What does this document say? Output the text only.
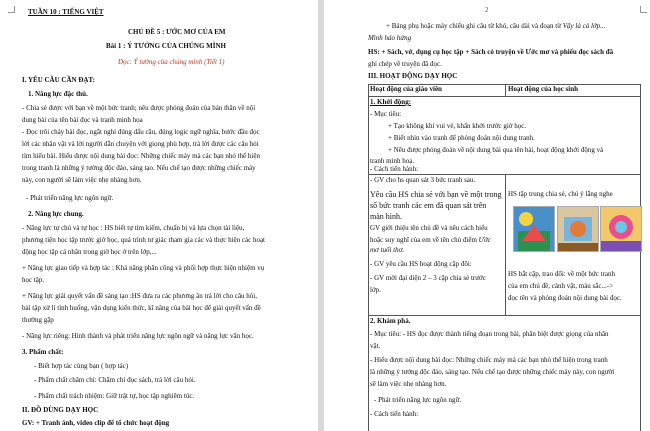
TUẦN 10 : TIẾNG VIỆT
CHỦ ĐỀ 5 : ƯỚC MƠ CỦA EM
Bài 1 : Ý TƯỞNG CỦA CHÚNG MÌNH
Đọc: Ý tưởng của chúng mình (Tiết 1)
I. YÊU CẦU CẦN ĐẠT:
1. Năng lực đặc thù.
- Chia sẻ được với bạn về một bức tranh; nêu được phỏng đoán của bản thân về nội
dung bài của tên bài đọc và tranh minh họa
- Đọc trôi chảy bài đọc, ngắt nghỉ đúng dấu câu, đúng logic ngữ nghĩa, bước đầu đọc
lời các nhân vật và lời người dẫn chuyện với giọng phù hợp, trả lời được các câu hỏi
tìm hiểu bài. Hiểu được nội dung bài đọc: Những chiếc máy mà các bạn nhỏ thể hiện
trong tranh là những ý tưởng độc đáo, sáng tạo. Nếu chế tạo được những chiếc máy
này, con người sẽ làm việc nhẹ nhàng hơn.
- Phát triển năng lực ngôn ngữ.
2. Năng lực chung.
- Năng lực tự chủ và tự học : HS biết tự tìm kiếm, chuẩn bị và lựa chọn tài liệu,
phương tiện học tập trước giờ học, quả trình tư giác tham gia các và thực hiện các hoạt
động học tập cá nhân trong giờ học ở trên lớp,...
+ Năng lực giao tiếp và hợp tác : Khả năng phân công và phối hợp thực hiện nhiệm vụ
học tập.
+ Năng lực giải quyết vấn đề sáng tạo :HS đưa ra các phương án trả lời cho câu hỏi,
bài tập xử lí tình huống, vận dụng kiến thức, kĩ năng của bài học để giải quyết vấn đề
thường gặp
- Năng lực riêng: Hình thành và phát triển năng lực ngôn ngữ và năng lực văn học.
3. Phẩm chất:
- Biết hợp tác cùng bạn ( hợp tác)
- Phẩm chất chăm chỉ: Chăm chỉ đọc sách, trả lời câu hỏi.
- Phẩm chất trách nhiệm: Giữ trật tự, học tập nghiêm túc.
II. ĐỒ DÙNG DẠY HỌC
GV: + Tranh ảnh, video clip để tổ chức hoạt động
2
+ Bảng phụ hoặc máy chiếu ghi câu từ khó, câu dài và đoạn từ Vậy là cả lớp...
Mình háo hứng
HS: + Sách, vở, dụng cụ học tập + Sách có truyện về Ước mơ và phiếu đọc sách đã
ghi chép về truyện đã đọc.
III. HOẠT ĐỘNG DẠY HỌC
Hoạt động của giáo viên	Hoạt động của học sinh
1. Khởi động:
- Mục tiêu:
+ Tạo không khí vui vẻ, khấn khởi trước giờ học.
+ Biết nhìn vào tranh để phỏng đoán nội dung tranh.
+ Nêu được phỏng đoán về nội dung bài qua tên bài, hoạt động khởi động và
tranh minh hoạ.
- Cách tiến hành:
- GV cho hs quan sát 3 bức tranh sau.
Yêu cầu HS chia sẻ với bạn về một trong
số bức tranh các em đã quan sát trên
màn hình.
GV giới thiệu tên chủ đề và nêu cách hiểu
hoặc suy nghĩ của em về tên chủ điểm Ước
mơ tuổi thơ.
- GV yêu cầu HS hoạt động cặp đôi:
- GV mời đại diện 2 – 3 cặp chia sẻ trước
lớp.
HS tập trung chia sẻ, chú ý lắng nghe
HS bắt cặp, trao đổi: về một bức tranh
của em chủ đề, cảnh vật, màu sắc...->
đọc tên và phỏng đoán nội dung bài đọc.
2. Khám phá.
- Mục tiêu: - HS đọc được thành tiếng đoạn trong bài, phân biệt được giọng của nhân
vật.
- Hiểu được nội dung bài đọc: Những chiếc máy mà các bạn nhỏ thể hiện trong tranh
là những ý tưởng độc đáo, sáng tạo. Nếu chế tạo được những chiếc máy này, con người
sẽ làm việc nhẹ nhàng hơn.
- Phát triển năng lực ngôn ngữ.
- Cách tiến hành:
